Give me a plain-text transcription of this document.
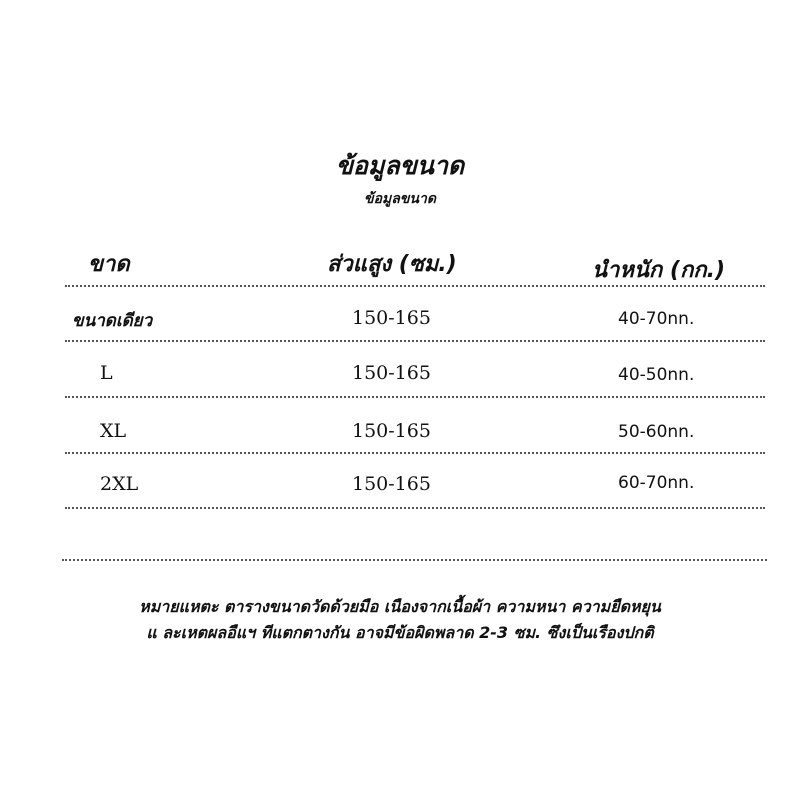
ข้อมูลขนาด
ข้อมูลขนาด
ขาด	ส่วแสูง (ซม.)	นำหนัก (กก.)
ขนาดเดียว	150-165	40-70nn.
L	150-165	40-50nn.
XL	150-165	50-60nn.
2XL	150-165	60-70nn.
หมายแหตะ ตารางขนาดวัดด้วยมือ เนืองจากเนื้อผ้า ความหนา ความยืดหยุน
แ ละเหตผลอืแฯ ทีแตกตางกัน อาจมีข้อผิดพลาด 2-3 ซม. ซึงเป็นเรืองปกติ
